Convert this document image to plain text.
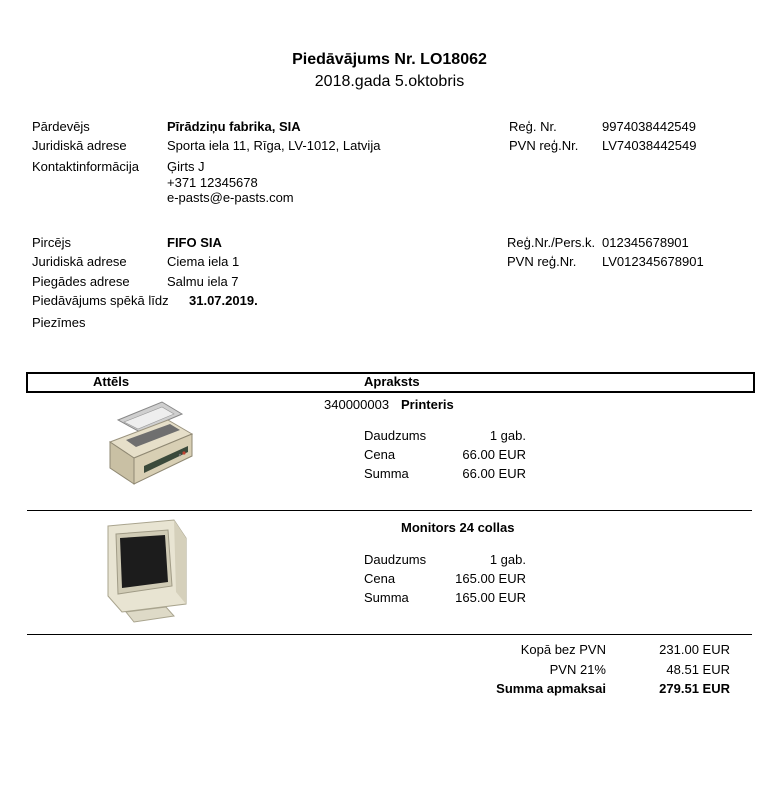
Piedāvājums Nr. LO18062
2018.gada 5.oktobris
Pārdevējs	Pīrādziņu fabrika, SIA
Juridiskā adrese	Sporta iela 11, Rīga, LV-1012, Latvija
Kontaktinformācija Ģirts J
+371 12345678
e-pasts@e-pasts.com
Reģ. Nr.	9974038442549
PVN reģ.Nr. LV74038442549
Pircējs	FIFO SIA
Juridiskā adrese	Ciema iela 1
Piegādes adrese	Salmu iela 7
Piedāvājums spēkā līdz 31.07.2019.
Piezīmes
Reģ.Nr./Pers.k. 012345678901
PVN reģ.Nr. LV012345678901
Attēls	Apraksts
340000003 Printeris
Daudzums	1 gab.
Cena	66.00 EUR
Summa	66.00 EUR
Monitors 24 collas
Daudzums	1 gab.
Cena	165.00 EUR
Summa	165.00 EUR
Kopā bez PVN	231.00 EUR
PVN 21%	48.51 EUR
Summa apmaksai	279.51 EUR
